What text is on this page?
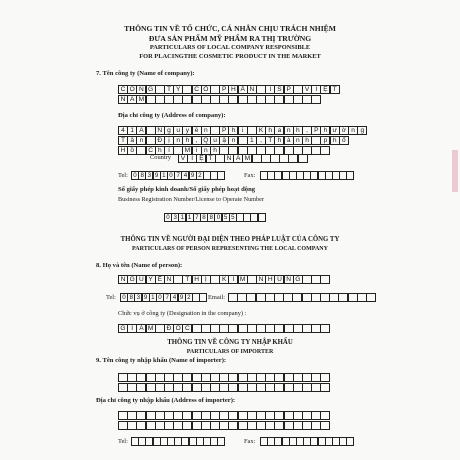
THÔNG TIN VỀ TỔ CHỨC, CÁ NHÂN CHỊU TRÁCH NHIỆM
ĐƯA SẢN PHẨM MỸ PHẨM RA THỊ TRƯỜNG
PARTICULARS OF LOCAL COMPANY RESPONSIBLE
FOR PLACINGTHE COSMETIC PRODUCT IN THE MARKET
7. Tên công ty (Name of company):
C Ô N G	T Y	C Ổ	P H Ầ N	I S P	V I Ệ T
N A M
Địa chỉ công ty (Address of company):
4 1 A	N g u y ễ n	P h	i	K h a n h , P h ư ờ n g
T â n	Đ ị	n h , Q u ậ n	1 , T h à n h	p h ố
H ồ	C h í	M i	n h
Country	V I Ệ T	N A M
Tel: 0 8 3 9 1 0 7 4 9 2	Fax:
Số giấy phép kinh doanh/Số giấy phép hoạt động
Business Registration Number/License to Operate Number
0 3 1 1 7 8 8 0 5 5
THÔNG TIN VỀ NGƯỜI ĐẠI DIỆN THEO PHÁP LUẬT CỦA CÔNG TY
PARTICULARS OF PERSON REPRESENTING THE LOCAL COMPANY
8. Họ và tên (Name of person):
N G U Y Ễ N	T H Ị	K I M	N H U N G
Tel:	0 8 3 9 1 0 7 4 9 2	Email:
Chức vụ ở công ty (Designation in the company) :
G I Á M	Đ Ố C
THÔNG TIN VỀ CÔNG TY NHẬP KHẨU
PARTICULARS OF IMPORTER
9. Tên công ty nhập khẩu (Name of importer):
Địa chỉ công ty nhập khẩu (Address of importer):
Tel:	Fax:
